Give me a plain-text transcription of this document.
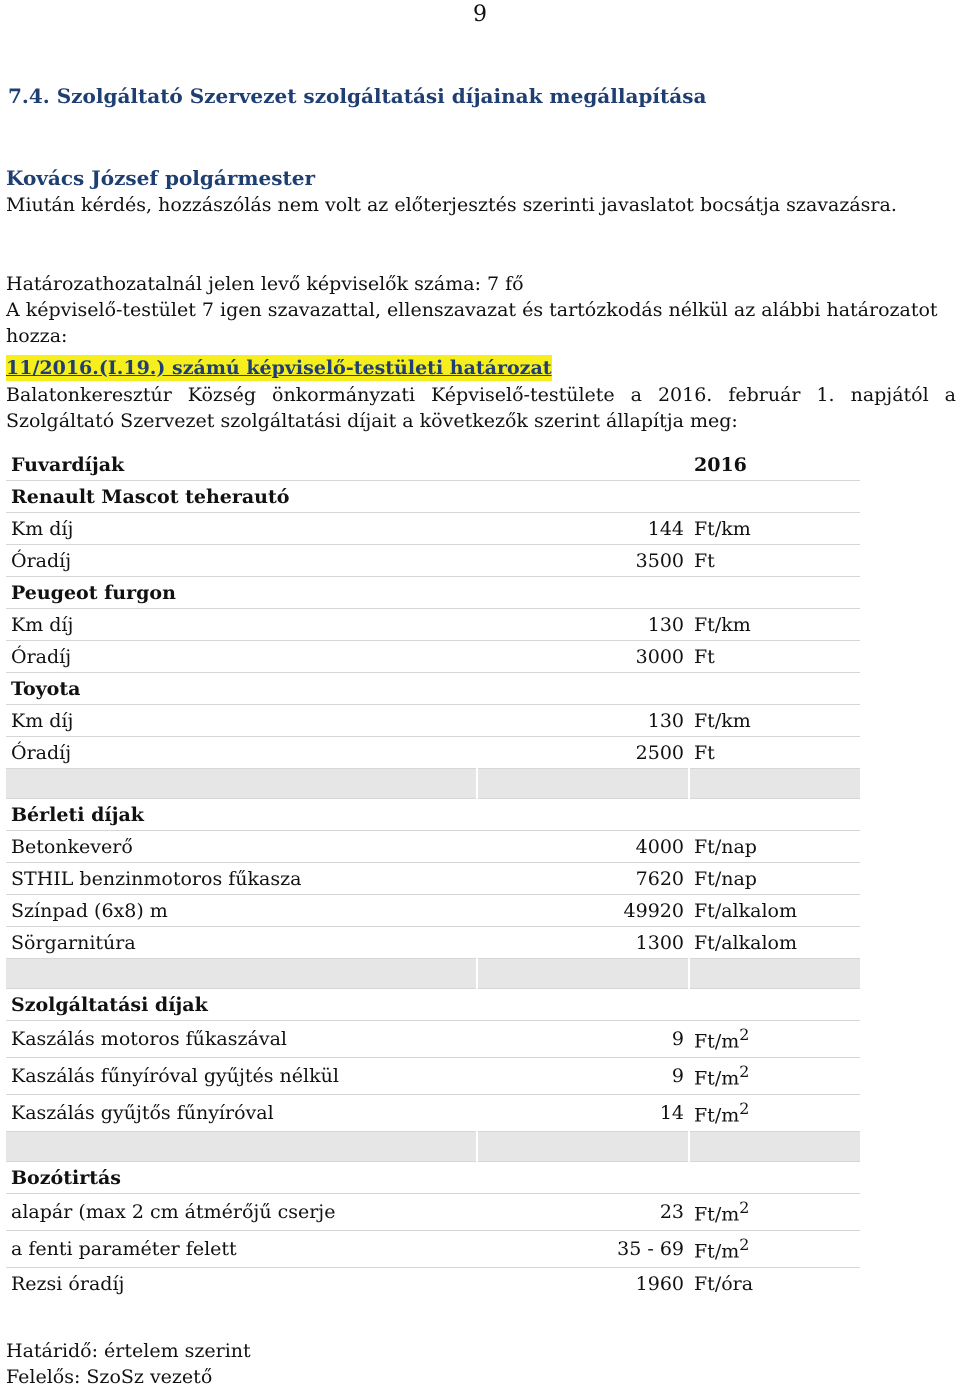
9
7.4. Szolgáltató Szervezet szolgáltatási díjainak megállapítása
Kovács József polgármester
Miután kérdés, hozzászólás nem volt az előterjesztés szerinti javaslatot bocsátja szavazásra.
Határozathozatalnál jelen levő képviselők száma: 7 fő
A képviselő-testület 7 igen szavazattal, ellenszavazat és tartózkodás nélkül az alábbi határozatot hozza:
11/2016.(I.19.) számú képviselő-testületi határozat
Balatonkeresztúr Község önkormányzati Képviselő-testülete a 2016. február 1. napjától a Szolgáltató Szervezet szolgáltatási díjait a következők szerint állapítja meg:
Fuvardíjak		2016
Renault Mascot teherautó		
Km díj	144	Ft/km
Óradíj	3500	Ft
Peugeot furgon		
Km díj	130	Ft/km
Óradíj	3000	Ft
Toyota		
Km díj	130	Ft/km
Óradíj	2500	Ft

Bérleti díjak		
Betonkeverő	4000	Ft/nap
STHIL benzinmotoros fűkasza	7620	Ft/nap
Színpad (6x8) m	49920	Ft/alkalom
Sörgarnitúra	1300	Ft/alkalom

Szolgáltatási díjak		
Kaszálás motoros fűkaszával	9	$Ft/m^2$
Kaszálás fűnyíróval gyűjtés nélkül	9	$Ft/m^2$
Kaszálás gyűjtős fűnyíróval	14	$Ft/m^2$

Bozótirtás		
alapár (max 2 cm átmérőjű cserje	23	$Ft/m^2$
a fenti paraméter felett	35 - 69	$Ft/m^2$
Rezsi óradíj	1960	Ft/óra
Határidő: értelem szerint
Felelős: SzoSz vezető
